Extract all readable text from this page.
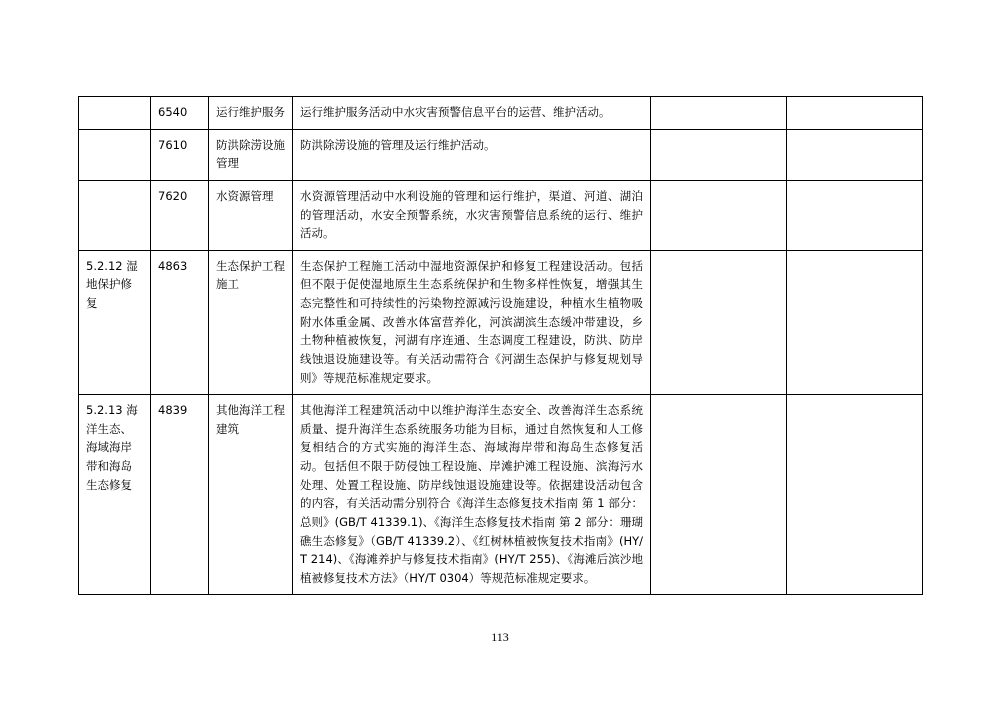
	6540	运行维护服务	运行维护服务活动中水灾害预警信息平台的运营、维护活动。		

	7610	防洪除涝设施管理	防洪除涝设施的管理及运行维护活动。		

	7620	水资源管理	水资源管理活动中水利设施的管理和运行维护，渠道、河道、湖泊的管理活动，水安全预警系统，水灾害预警信息系统的运行、维护活动。		

5.2.12 湿地保护修复	4863	生态保护工程施工	生态保护工程施工活动中湿地资源保护和修复工程建设活动。包括但不限于促使湿地原生生态系统保护和生物多样性恢复，增强其生态完整性和可持续性的污染物控源减污设施建设，种植水生植物吸附水体重金属、改善水体富营养化，河滨湖滨生态缓冲带建设，乡土物种植被恢复，河湖有序连通、生态调度工程建设，防洪、防岸线蚀退设施建设等。有关活动需符合《河湖生态保护与修复规划导则》等规范标准规定要求。		

5.2.13 海洋生态、海域海岸带和海岛生态修复	4839	其他海洋工程建筑	其他海洋工程建筑活动中以维护海洋生态安全、改善海洋生态系统质量、提升海洋生态系统服务功能为目标，通过自然恢复和人工修复相结合的方式实施的海洋生态、海域海岸带和海岛生态修复活动。包括但不限于防侵蚀工程设施、岸滩护滩工程设施、滨海污水处理、处置工程设施、防岸线蚀退设施建设等。依据建设活动包含的内容，有关活动需分别符合《海洋生态修复技术指南 第 1 部分：总则》(GB/T 41339.1)、《海洋生态修复技术指南 第 2 部分：珊瑚礁生态修复》（GB/T 41339.2）、《红树林植被恢复技术指南》(HY/T 214)、《海滩养护与修复技术指南》(HY/T 255)、《海滩后滨沙地植被修复技术方法》（HY/T 0304）等规范标准规定要求。		

113
